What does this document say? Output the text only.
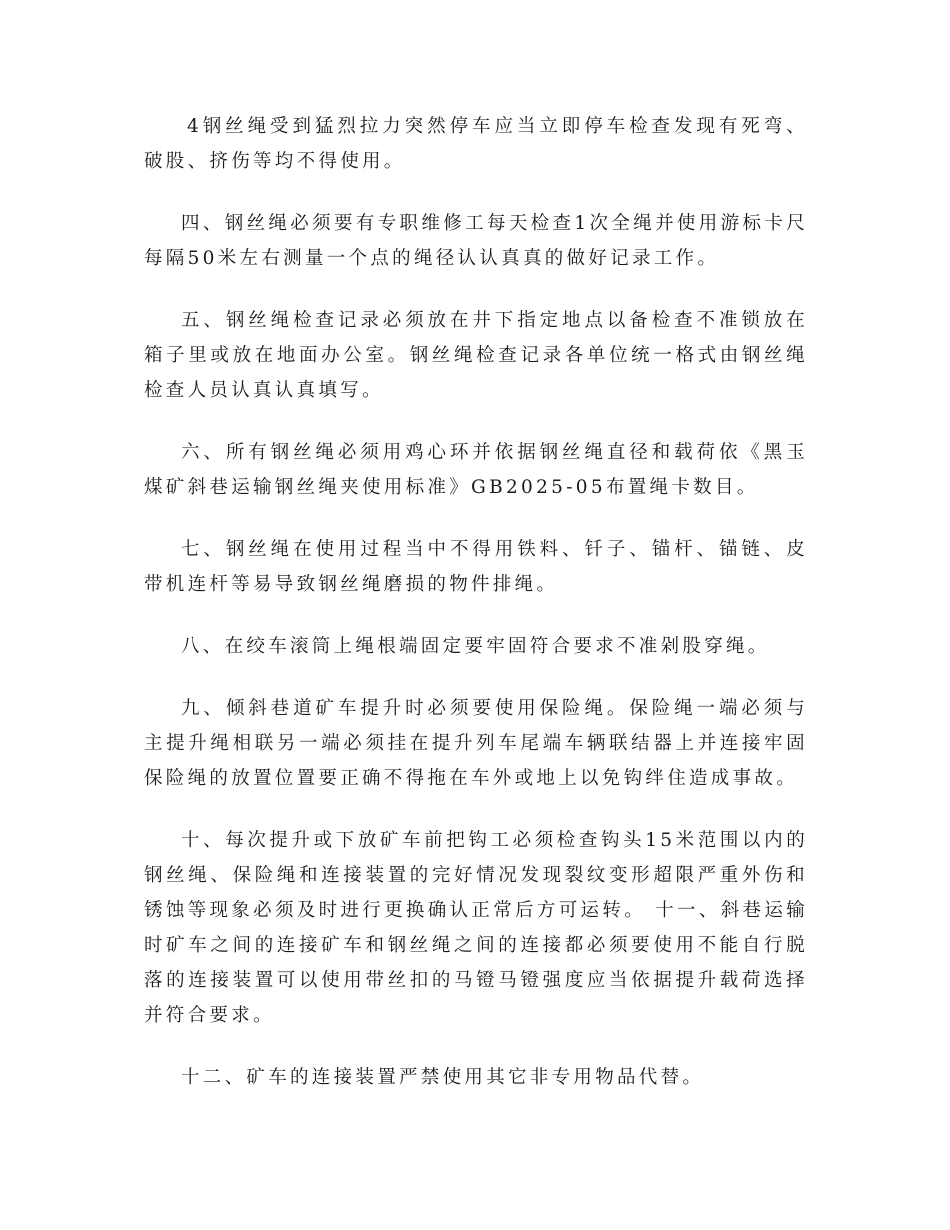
4钢丝绳受到猛烈拉力突然停车应当立即停车检查发现有死弯、破股、挤伤等均不得使用。

四、钢丝绳必须要有专职维修工每天检查1次全绳并使用游标卡尺每隔50米左右测量一个点的绳径认认真真的做好记录工作。

五、钢丝绳检查记录必须放在井下指定地点以备检查不准锁放在箱子里或放在地面办公室。钢丝绳检查记录各单位统一格式由钢丝绳检查人员认真认真填写。

六、所有钢丝绳必须用鸡心环并依据钢丝绳直径和载荷依《黑玉煤矿斜巷运输钢丝绳夹使用标准》GB2025-05布置绳卡数目。

七、钢丝绳在使用过程当中不得用铁料、钎子、锚杆、锚链、皮带机连杆等易导致钢丝绳磨损的物件排绳。

八、在绞车滚筒上绳根端固定要牢固符合要求不准剁股穿绳。

九、倾斜巷道矿车提升时必须要使用保险绳。保险绳一端必须与主提升绳相联另一端必须挂在提升列车尾端车辆联结器上并连接牢固保险绳的放置位置要正确不得拖在车外或地上以免钩绊住造成事故。

十、每次提升或下放矿车前把钩工必须检查钩头15米范围以内的钢丝绳、保险绳和连接装置的完好情况发现裂纹变形超限严重外伤和锈蚀等现象必须及时进行更换确认正常后方可运转。 十一、斜巷运输时矿车之间的连接矿车和钢丝绳之间的连接都必须要使用不能自行脱落的连接装置可以使用带丝扣的马镫马镫强度应当依据提升载荷选择并符合要求。

十二、矿车的连接装置严禁使用其它非专用物品代替。
